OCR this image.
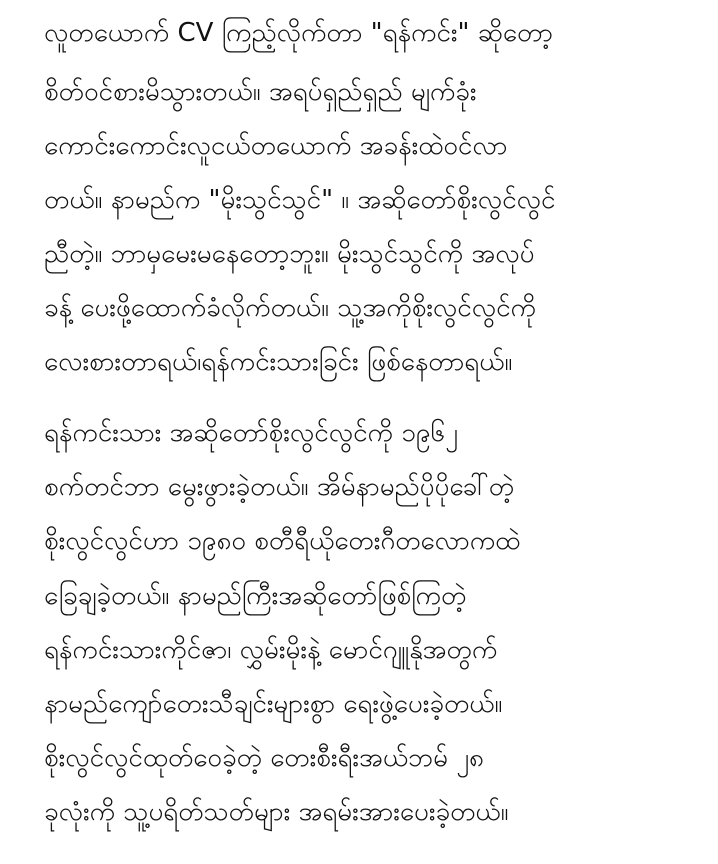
လူတယောက် CV ကြည့်လိုက်တာ "ရန်ကင်း" ဆိုတော့
စိတ်ဝင်စားမိသွားတယ်။ အရပ်ရှည်ရှည် မျက်ခုံး
ကောင်းကောင်းလူငယ်တယောက် အခန်းထဲဝင်လာ
တယ်။ နာမည်က "မိုးသွင်သွင်" ။ အဆိုတော်စိုးလွင်လွင်
ညီတဲ့။ ဘာမှမေးမနေတော့ဘူး။ မိုးသွင်သွင်ကို အလုပ်
ခန့် ပေးဖို့ထောက်ခံလိုက်တယ်။ သူ့အကိုစိုးလွင်လွင်ကို
လေးစားတာရယ်၊ရန်ကင်းသားခြင်း ဖြစ်နေတာရယ်။
ရန်ကင်းသား အဆိုတော်စိုးလွင်လွင်ကို ၁၉၆၂
စက်တင်ဘာ မွေးဖွားခဲ့တယ်။ အိမ်နာမည်ပိုပိုခေါ်တဲ့
စိုးလွင်လွင်ဟာ ၁၉၈၀ စတီရီယိုတေးဂီတလောကထဲ
ခြေချခဲ့တယ်။ နာမည်ကြီးအဆိုတော်ဖြစ်ကြတဲ့
ရန်ကင်းသားကိုင်ဇာ၊ လွှမ်းမိုးနဲ့ မောင်ဂျူနိုအတွက်
နာမည်ကျော်တေးသီချင်းများစွာ ရေးဖွဲ့ပေးခဲ့တယ်။
စိုးလွင်လွင်ထုတ်ဝေခဲ့တဲ့ တေးစီးရီးအယ်ဘမ် ၂၈
ခုလုံးကို သူ့ပရိတ်သတ်များ အရမ်းအားပေးခဲ့တယ်။
